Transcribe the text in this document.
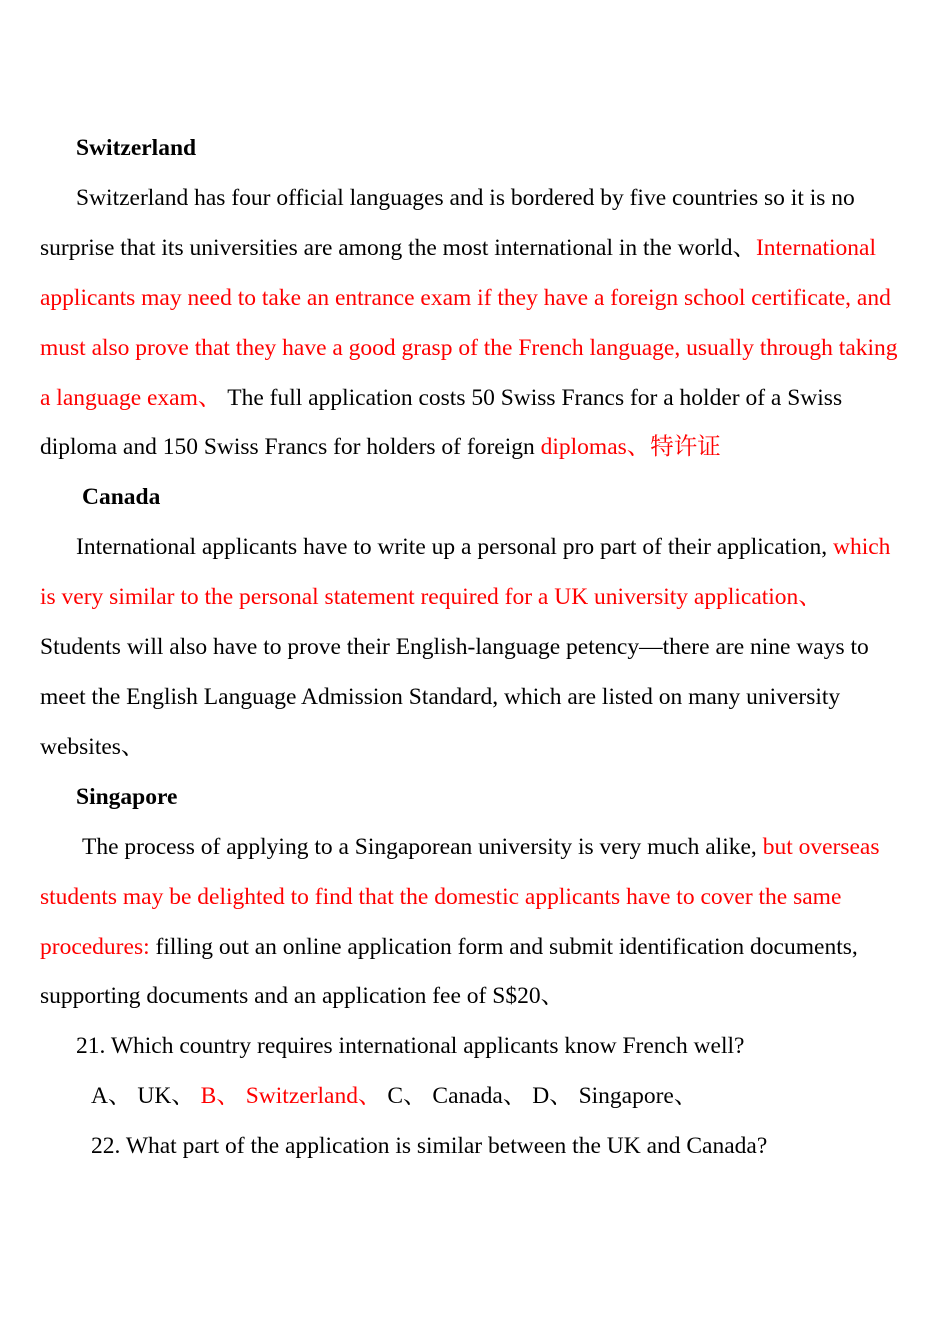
Switzerland

Switzerland has four official languages and is bordered by five countries so it is no surprise that its universities are among the most international in the world、International applicants may need to take an entrance exam if they have a foreign school certificate, and must also prove that they have a good grasp of the French language, usually through taking a language exam、 The full application costs 50 Swiss Francs for a holder of a Swiss diploma and 150 Swiss Francs for holders of foreign diplomas、特许证

Canada

International applicants have to write up a personal pro part of their application, which is very similar to the personal statement required for a UK university application、 Students will also have to prove their English-language petency—there are nine ways to meet the English Language Admission Standard, which are listed on many university websites、

Singapore

The process of applying to a Singaporean university is very much alike, but overseas students may be delighted to find that the domestic applicants have to cover the same procedures: filling out an online application form and submit identification documents, supporting documents and an application fee of S$20、

21. Which country requires international applicants know French well?

A、 UK、 B、 Switzerland、 C、 Canada、 D、 Singapore、

22. What part of the application is similar between the UK and Canada?
